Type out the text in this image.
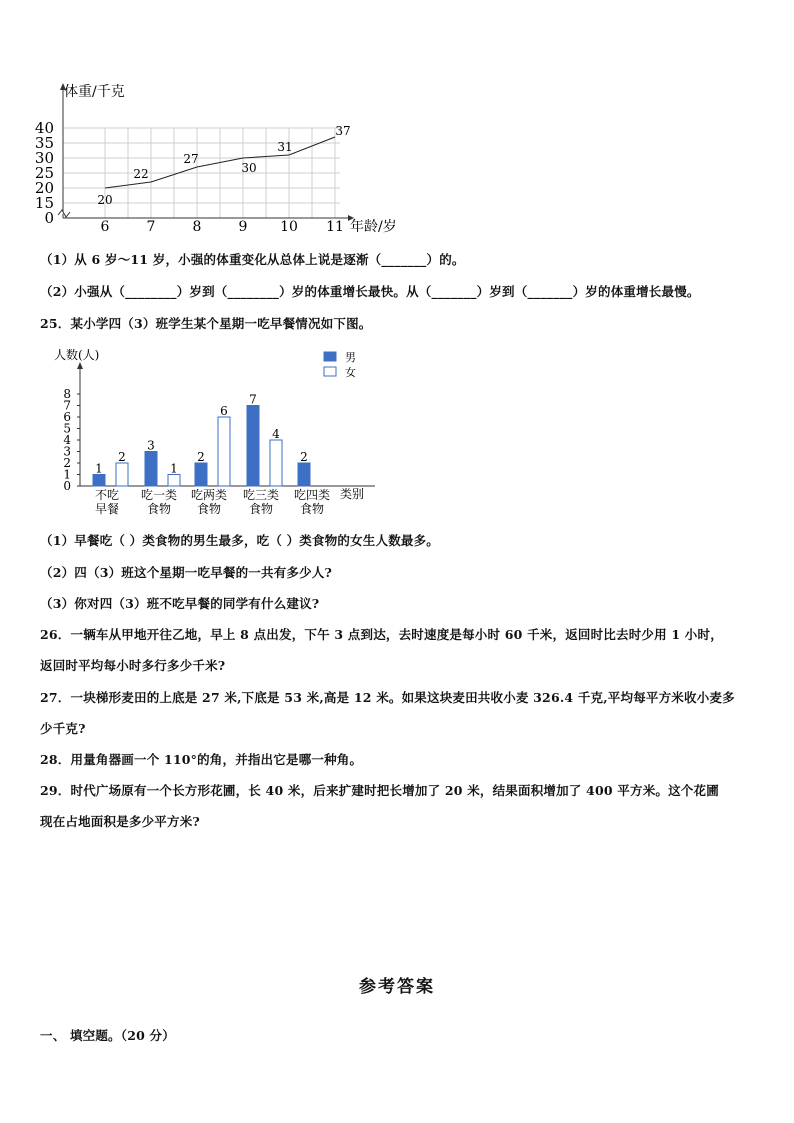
0
15
20
25
30
35
40
6	7	8	9 10 11
20
22
27
30
31
37
体重/千克
年龄/岁
（1）从 6 岁～11 岁，小强的体重变化从总体上说是逐渐（_______）的。
（2）小强从（________）岁到（________）岁的体重增长最快。从（_______）岁到（_______）岁的体重增长最慢。
25．某小学四（3）班学生某个星期一吃早餐情况如下图。
0
1
2
3
4
5
6
7
8
1
3
2
7
2
2
1
6
4
不吃
早餐
吃一类
食物
吃两类
食物
吃三类
食物
吃四类
食物
男
女
人数(人)
类别
（1）早餐吃（ ）类食物的男生最多，吃（ ）类食物的女生人数最多。
（2）四（3）班这个星期一吃早餐的一共有多少人?
（3）你对四（3）班不吃早餐的同学有什么建议?
26．一辆车从甲地开往乙地，早上 8 点出发，下午 3 点到达，去时速度是每小时 60 千米，返回时比去时少用 1 小时，
返回时平均每小时多行多少千米?
27．一块梯形麦田的上底是 27 米,下底是 53 米,高是 12 米。如果这块麦田共收小麦 326.4 千克,平均每平方米收小麦多
少千克?
28．用量角器画一个 110°的角，并指出它是哪一种角。
29．时代广场原有一个长方形花圃，长 40 米，后来扩建时把长增加了 20 米，结果面积增加了 400 平方米。这个花圃
现在占地面积是多少平方米?
参考答案
一、 填空题。（20 分）
